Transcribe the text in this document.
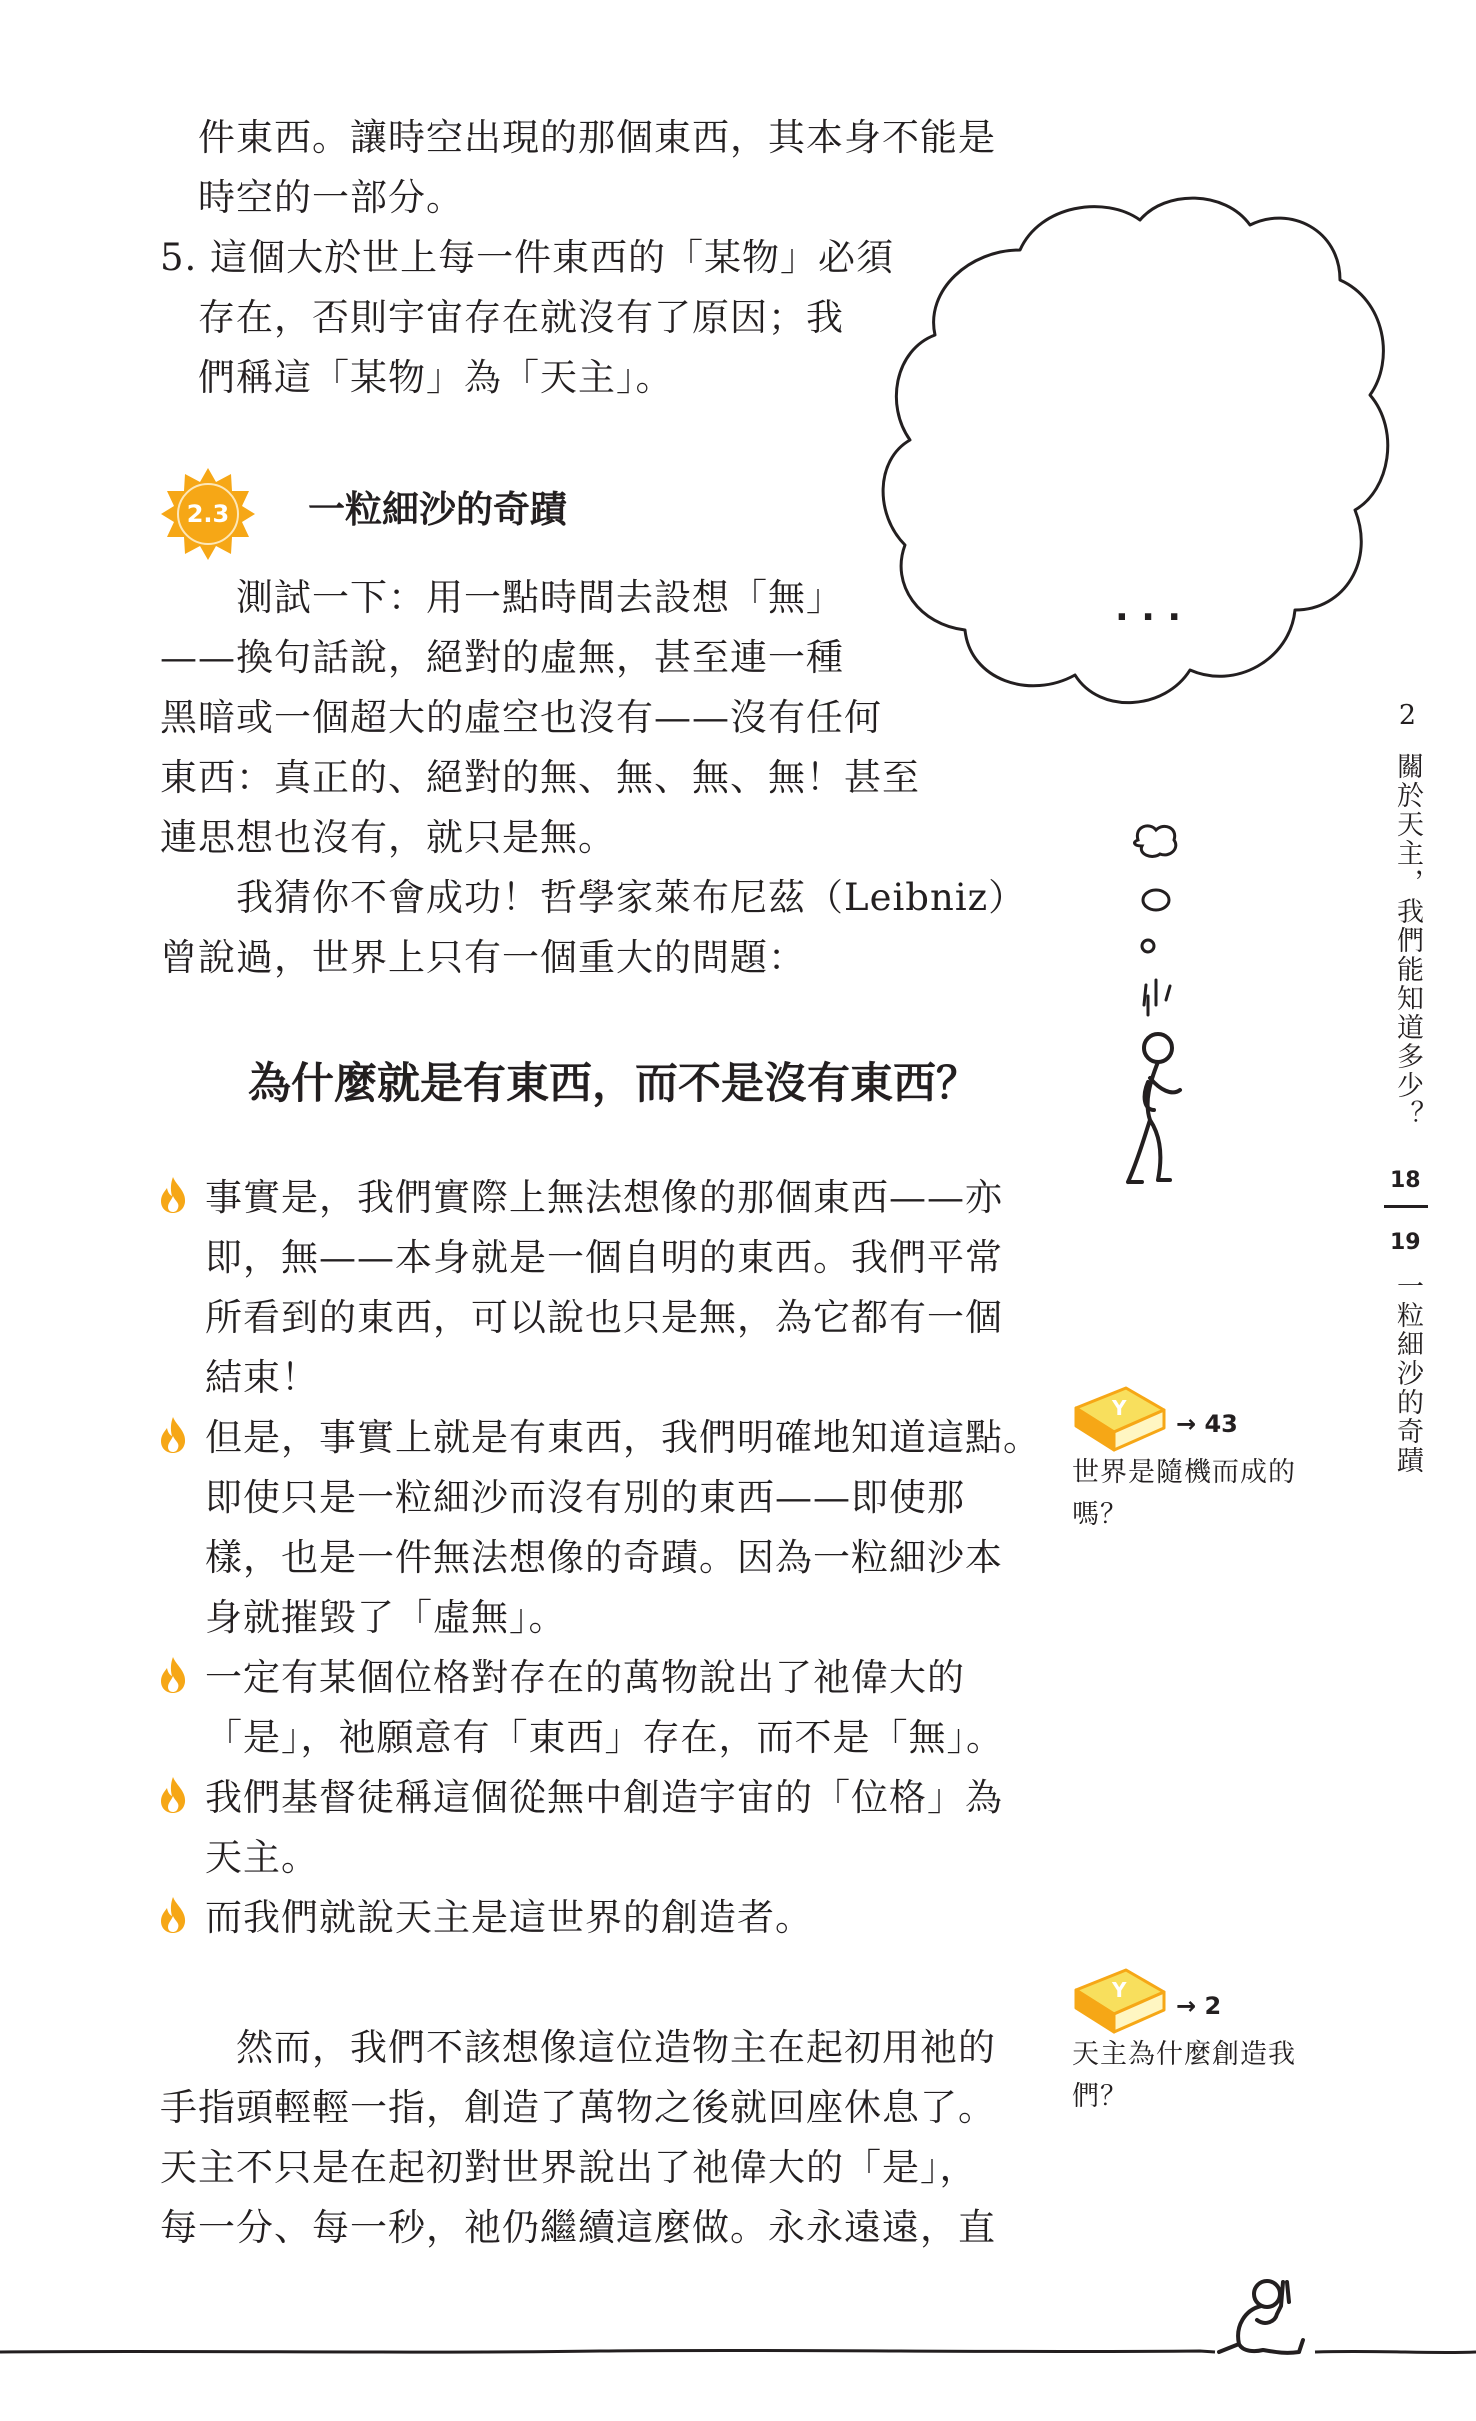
件東西。讓時空出現的那個東西，其本身不能是
時空的一部分。
5. 這個大於世上每一件東西的「某物」必須
存在，否則宇宙存在就沒有了原因；我
們稱這「某物」為「天主」。
2.3	一粒細沙的奇蹟
測試一下：用一點時間去設想「無」
——換句話說，絕對的虛無，甚至連一種
黑暗或一個超大的虛空也沒有——沒有任何
東西：真正的、絕對的無、無、無、無！甚至
連思想也沒有，就只是無。
我猜你不會成功！哲學家萊布尼茲（Leibniz）
曾說過，世界上只有一個重大的問題：
為什麼就是有東西，而不是沒有東西？
事實是，我們實際上無法想像的那個東西——亦
即，無——本身就是一個自明的東西。我們平常
所看到的東西，可以說也只是無，為它都有一個
結束！
但是，事實上就是有東西，我們明確地知道這點。
即使只是一粒細沙而沒有別的東西——即使那
樣，也是一件無法想像的奇蹟。因為一粒細沙本
身就摧毀了「虛無」。
一定有某個位格對存在的萬物說出了祂偉大的
「是」，祂願意有「東西」存在，而不是「無」。
我們基督徒稱這個從無中創造宇宙的「位格」為
天主。
而我們就說天主是這世界的創造者。
然而，我們不該想像這位造物主在起初用祂的
手指頭輕輕一指，創造了萬物之後就回座休息了。
天主不只是在起初對世界說出了祂偉大的「是」，
每一分、每一秒，祂仍繼續這麼做。永永遠遠，直
. . .
2
關於天主，我們能知道多少？
18
19
一粒細沙的奇蹟
Y
→ 43
世界是隨機而成的
嗎？
Y
→ 2
天主為什麼創造我
們？
